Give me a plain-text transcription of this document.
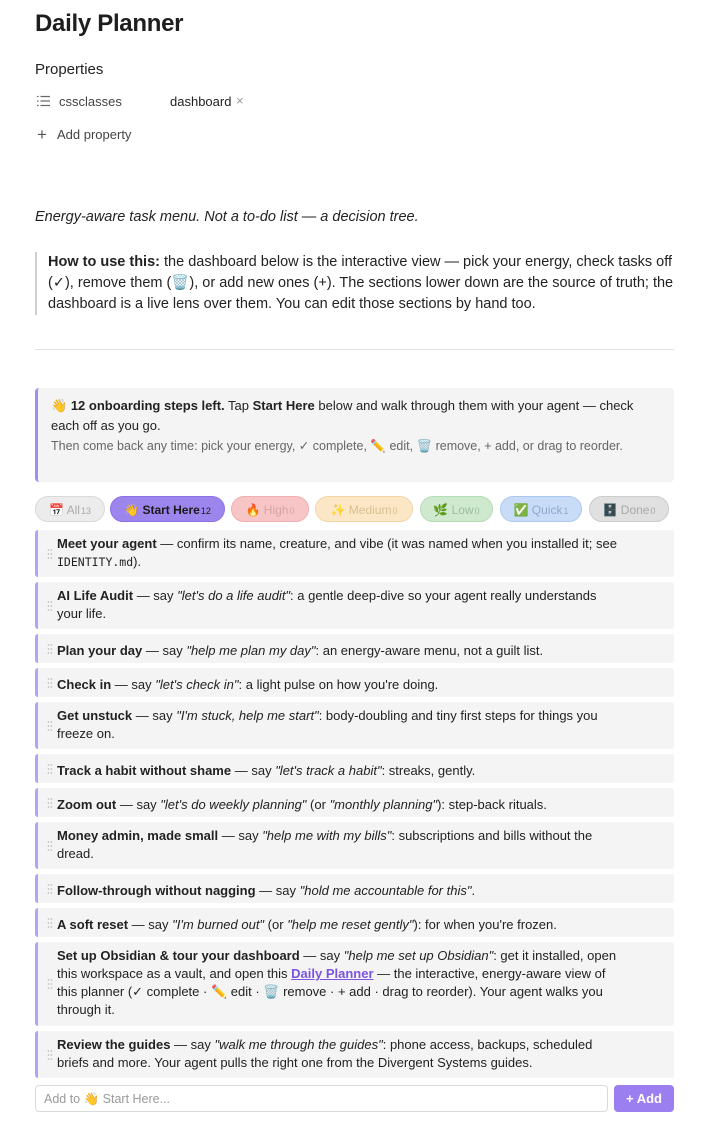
Daily Planner
Properties
cssclasses	dashboard ×
+ Add property
Energy-aware task menu. Not a to-do list — a decision tree.
How to use this: the dashboard below is the interactive view — pick your energy, check tasks off (✓), remove them (🗑️), or add new ones (+). The sections lower down are the source of truth; the dashboard is a live lens over them. You can edit those sections by hand too.
👋 12 onboarding steps left. Tap Start Here below and walk through them with your agent — check each off as you go.
Then come back any time: pick your energy, ✓ complete, ✏️ edit, 🗑️ remove, + add, or drag to reorder.
📅 All13	👋 Start Here12	🔥 High0	✨ Medium0	🌿 Low0	✅ Quick1	🗄️ Done0
Meet your agent — confirm its name, creature, and vibe (it was named when you installed it; see IDENTITY.md).
AI Life Audit — say "let's do a life audit": a gentle deep-dive so your agent really understands your life.
Plan your day — say "help me plan my day": an energy-aware menu, not a guilt list.
Check in — say "let's check in": a light pulse on how you're doing.
Get unstuck — say "I'm stuck, help me start": body-doubling and tiny first steps for things you freeze on.
Track a habit without shame — say "let's track a habit": streaks, gently.
Zoom out — say "let's do weekly planning" (or "monthly planning"): step-back rituals.
Money admin, made small — say "help me with my bills": subscriptions and bills without the dread.
Follow-through without nagging — say "hold me accountable for this".
A soft reset — say "I'm burned out" (or "help me reset gently"): for when you're frozen.
Set up Obsidian & tour your dashboard — say "help me set up Obsidian": get it installed, open this workspace as a vault, and open this Daily Planner — the interactive, energy-aware view of this planner (✓ complete · ✏️ edit · 🗑️ remove · + add · drag to reorder). Your agent walks you through it.
Review the guides — say "walk me through the guides": phone access, backups, scheduled briefs and more. Your agent pulls the right one from the Divergent Systems guides.
Add to 👋 Start Here...
+ Add
